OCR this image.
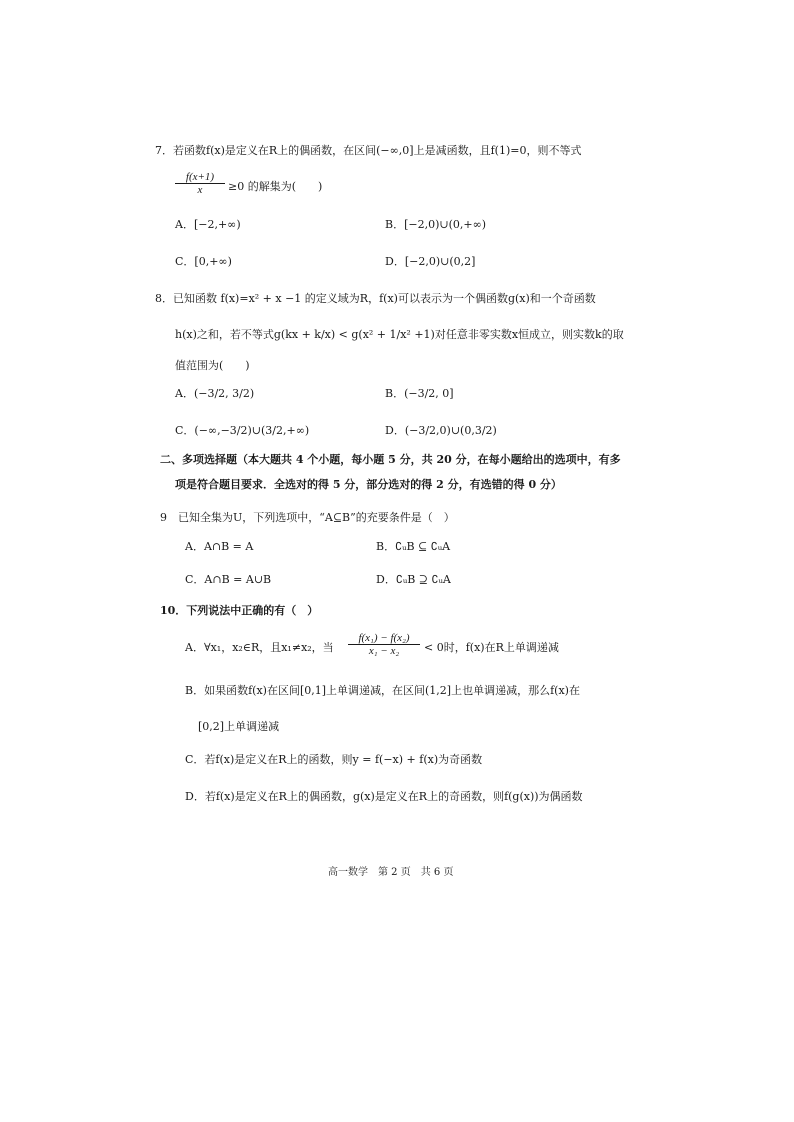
7．若函数f(x)是定义在R上的偶函数，在区间(−∞,0]上是减函数，且f(1)=0，则不等式
$\frac{f(x+1)}{x} \ge 0$ 的解集为(　　)
A．[−2,+∞)	B．[−2,0)∪(0,+∞)
C．[0,+∞)	D．[−2,0)∪(0,2]
8．已知函数 f(x)=x² + x −1 的定义域为R，f(x)可以表示为一个偶函数g(x)和一个奇函数
h(x)之和，若不等式g(kx + k/x) < g(x² + 1/x² +1)对任意非零实数x恒成立，则实数k的取
值范围为(　　)
A．(−3/2, 3/2)	B．(−3/2, 0]
C．(−∞,−3/2)∪(3/2,+∞)	D．(−3/2,0)∪(0,3/2)
二、多项选择题（本大题共 4 个小题，每小题 5 分，共 20 分，在每小题给出的选项中，有多
项是符合题目要求．全选对的得 5 分，部分选对的得 2 分，有选错的得 0 分）
9　已知全集为U，下列选项中，“A⊆B”的充要条件是（　）
A．A∩B = A	B．∁ᵤB ⊆ ∁ᵤA
C．A∩B = A∪B	D．∁ᵤB ⊇ ∁ᵤA
10．下列说法中正确的有（　）
A．∀x₁，x₂∈R，且x₁≠x₂，当 $\frac{\text{f(x₁) − f(x₂)}}{\text{x₁ − x₂}} < 0$时，f(x)在R上单调递减
B．如果函数f(x)在区间[0,1]上单调递减，在区间(1,2]上也单调递减，那么f(x)在
[0,2]上单调递减
C．若f(x)是定义在R上的函数，则y = f(−x) + f(x)为奇函数
D．若f(x)是定义在R上的偶函数，g(x)是定义在R上的奇函数，则f(g(x))为偶函数
高一数学　第 2 页　共 6 页
